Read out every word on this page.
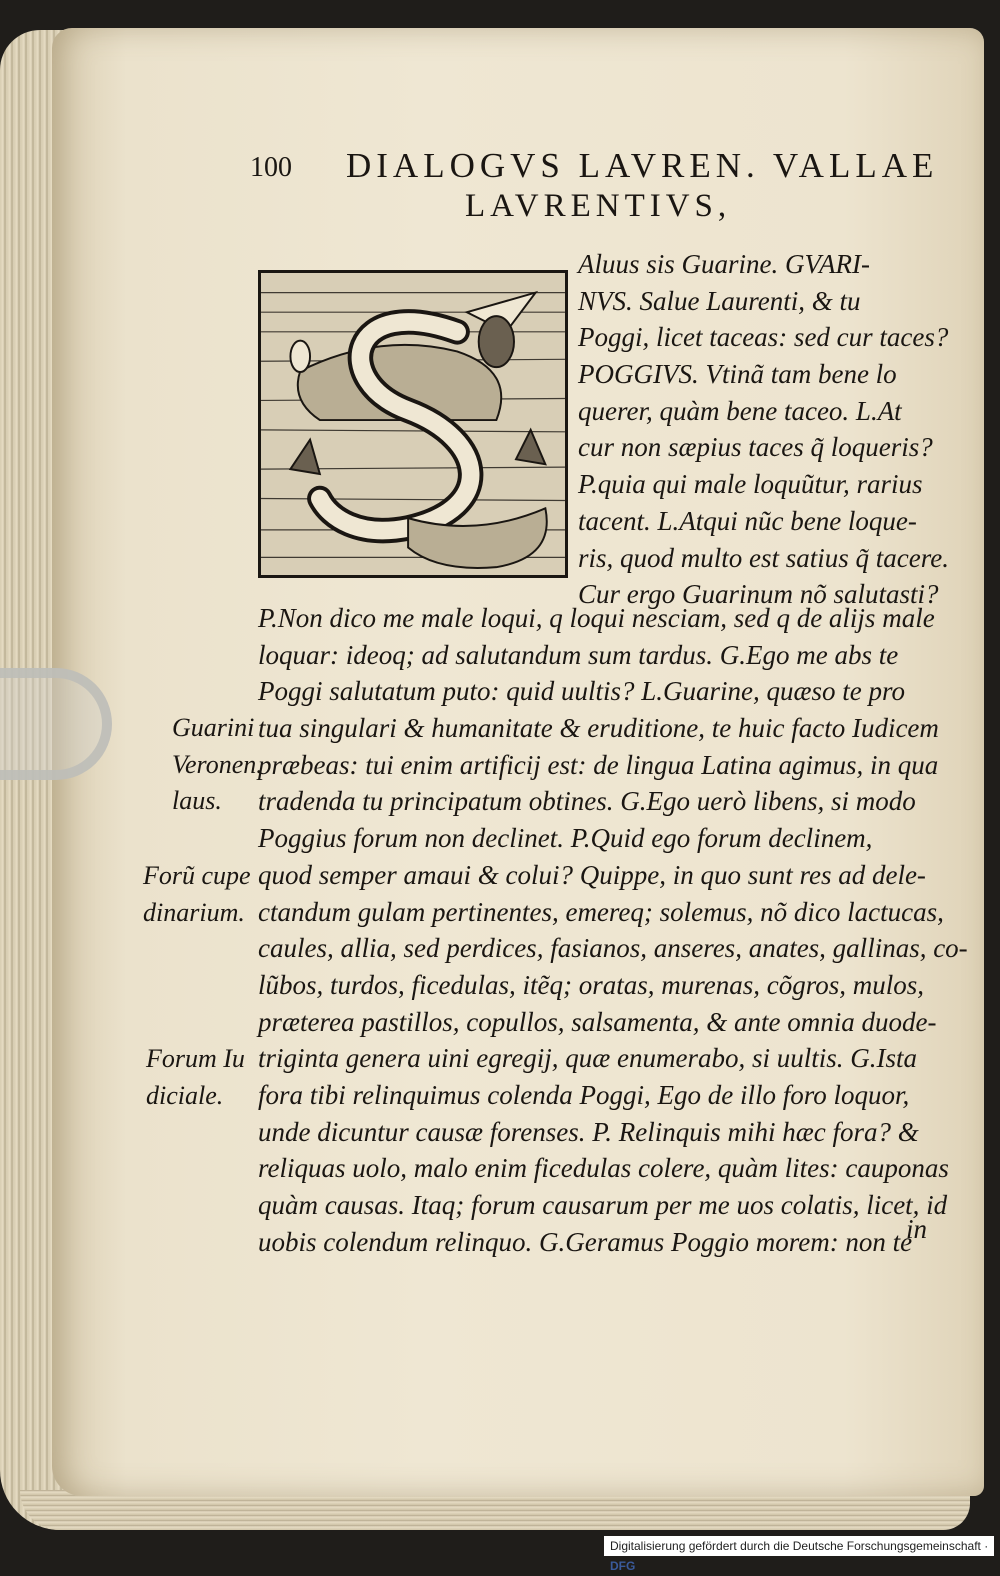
100 DIALOGVS LAVREN. VALLAE
LAVRENTIVS,
Aluus sis Guarine. GVARI-
NVS. Salue Laurenti, & tu
Poggi, licet taceas: sed cur taces?
POGGIVS. Vtinã tam bene lo
querer, quàm bene taceo. L.At
cur non sæpius taces q̃ loqueris?
P.quia qui male loquũtur, rarius
tacent. L.Atqui nũc bene loque-
ris, quod multo est satius q̃ tacere.
Cur ergo Guarinum nõ salutasti?
P.Non dico me male loqui, q loqui nesciam, sed q de alijs male
loquar: ideoq; ad salutandum sum tardus. G.Ego me abs te
Poggi salutatum puto: quid uultis? L.Guarine, quæso te pro
tua singulari & humanitate & eruditione, te huic facto Iudicem
præbeas: tui enim artificij est: de lingua Latina agimus, in qua
tradenda tu principatum obtines. G.Ego uerò libens, si modo
Poggius forum non declinet. P.Quid ego forum declinem,
quod semper amaui & colui? Quippe, in quo sunt res ad dele-
ctandum gulam pertinentes, emereq; solemus, nõ dico lactucas,
caules, allia, sed perdices, fasianos, anseres, anates, gallinas, co-
lũbos, turdos, ficedulas, itẽq; oratas, murenas, cõgros, mulos,
præterea pastillos, copullos, salsamenta, & ante omnia duode-
triginta genera uini egregij, quæ enumerabo, si uultis. G.Ista
fora tibi relinquimus colenda Poggi, Ego de illo foro loquor,
unde dicuntur causæ forenses. P. Relinquis mihi hæc fora? &
reliquas uolo, malo enim ficedulas colere, quàm lites: cauponas
quàm causas. Itaq; forum causarum per me uos colatis, licet, id
uobis colendum relinquo. G.Geramus Poggio morem: non te
Guarini
Veronen.
laus.
Forũ cupe
dinarium.
Forum Iu
diciale.
in
Digitalisierung gefördert durch die Deutsche Forschungsgemeinschaft · DFG
